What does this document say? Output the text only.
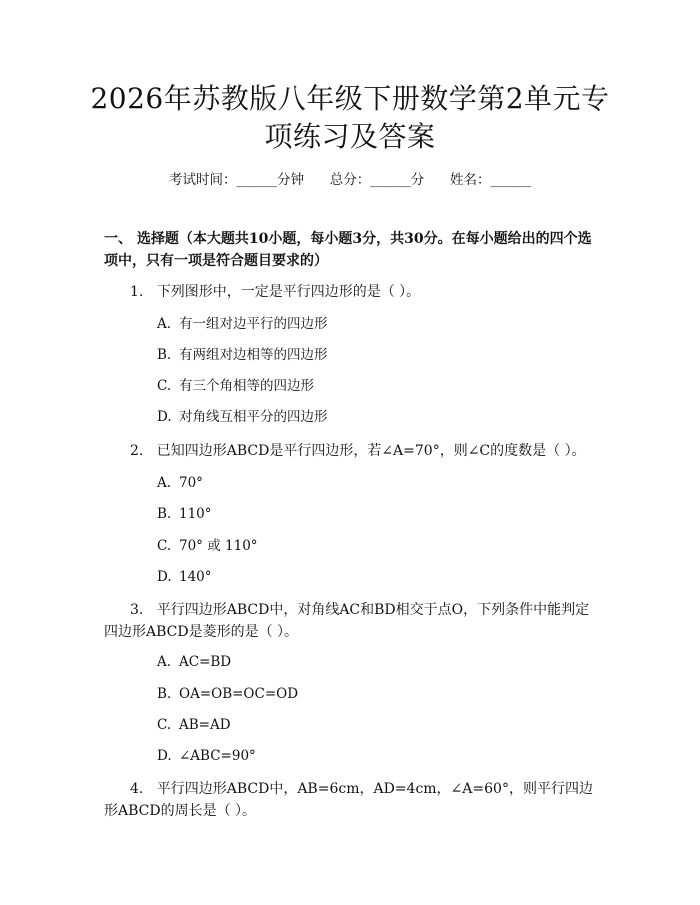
2026年苏教版八年级下册数学第2单元专项练习及答案
考试时间：______分钟 总分：______分 姓名：______
一、 选择题（本大题共10小题，每小题3分，共30分。在每小题给出的四个选项中，只有一项是符合题目要求的）
1. 下列图形中，一定是平行四边形的是（ ）。
A. 有一组对边平行的四边形
B. 有两组对边相等的四边形
C. 有三个角相等的四边形
D. 对角线互相平分的四边形
2. 已知四边形ABCD是平行四边形，若∠A=70°，则∠C的度数是（ ）。
A. 70°
B. 110°
C. 70° 或 110°
D. 140°
3. 平行四边形ABCD中，对角线AC和BD相交于点O，下列条件中能判定四边形ABCD是菱形的是（ ）。
A. AC=BD
B. OA=OB=OC=OD
C. AB=AD
D. ∠ABC=90°
4. 平行四边形ABCD中，AB=6cm，AD=4cm，∠A=60°，则平行四边形ABCD的周长是（ ）。
